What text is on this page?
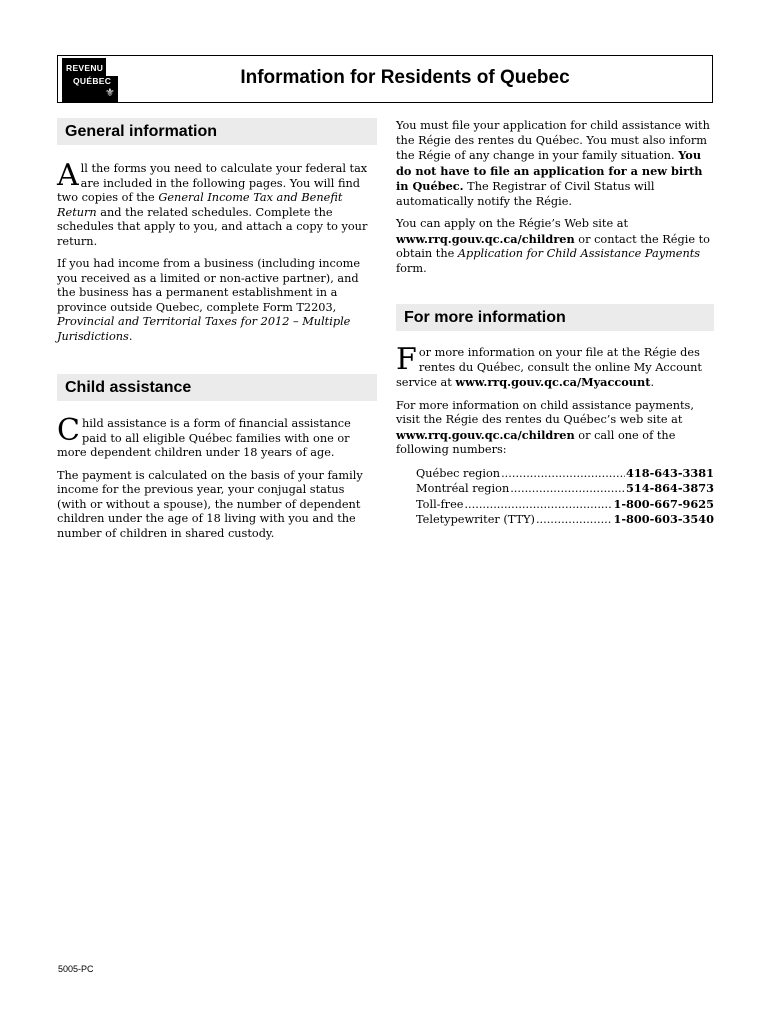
REVENU
QUÉBEC
⚜
Information for Residents of Quebec
General information

All the forms you need to calculate your federal tax are included in the following pages. You will find two copies of the General Income Tax and Benefit Return and the related schedules. Complete the schedules that apply to you, and attach a copy to your return.

If you had income from a business (including income you received as a limited or non-active partner), and the business has a permanent establishment in a province outside Quebec, complete Form T2203, Provincial and Territorial Taxes for 2012 – Multiple Jurisdictions.

Child assistance

Child assistance is a form of financial assistance paid to all eligible Québec families with one or more dependent children under 18 years of age.

The payment is calculated on the basis of your family income for the previous year, your conjugal status (with or without a spouse), the number of dependent children under the age of 18 living with you and the number of children in shared custody.

You must file your application for child assistance with the Régie des rentes du Québec. You must also inform the Régie of any change in your family situation. You do not have to file an application for a new birth in Québec. The Registrar of Civil Status will automatically notify the Régie.

You can apply on the Régie’s Web site at www.rrq.gouv.qc.ca/children or contact the Régie to obtain the Application for Child Assistance Payments form.

For more information

For more information on your file at the Régie des rentes du Québec, consult the online My Account service at www.rrq.gouv.qc.ca/Myaccount.

For more information on child assistance payments, visit the Régie des rentes du Québec’s web site at www.rrq.gouv.qc.ca/children or call one of the following numbers:

Québec region .....	418-643-3381
Montréal region .....	514-864-3873
Toll-free .....	1-800-667-9625
Teletypewriter (TTY) .....	1-800-603-3540
5005-PC
